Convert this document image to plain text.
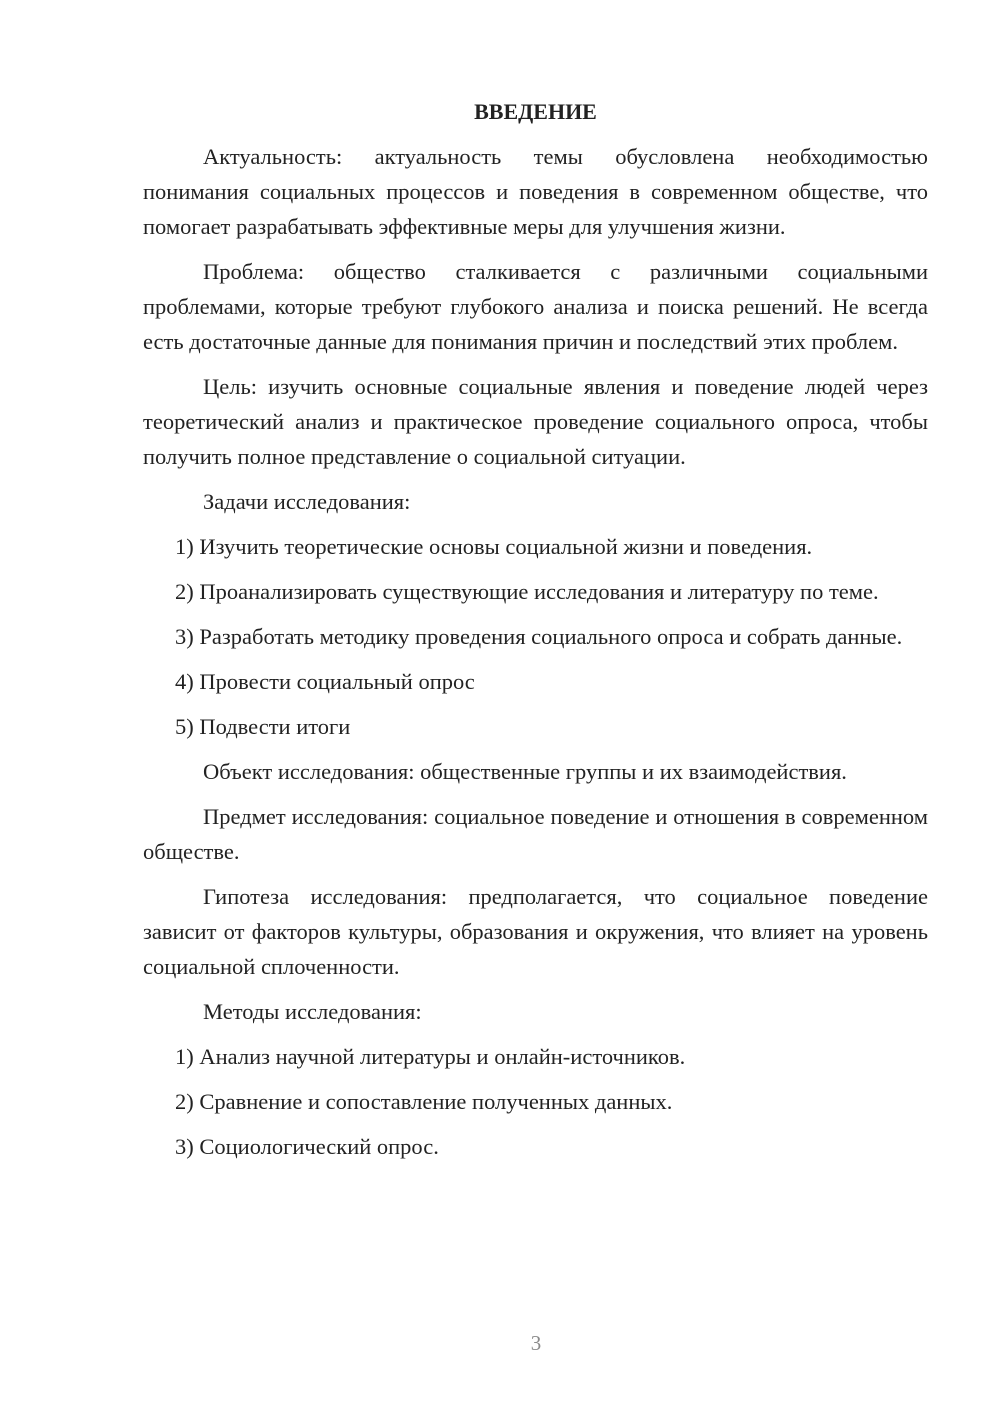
ВВЕДЕНИЕ

Актуальность: актуальность темы обусловлена необходимостью понимания социальных процессов и поведения в современном обществе, что помогает разрабатывать эффективные меры для улучшения жизни.

Проблема: общество сталкивается с различными социальными проблемами, которые требуют глубокого анализа и поиска решений. Не всегда есть достаточные данные для понимания причин и последствий этих проблем.

Цель: изучить основные социальные явления и поведение людей через теоретический анализ и практическое проведение социального опроса, чтобы получить полное представление о социальной ситуации.

Задачи исследования:

1) Изучить теоретические основы социальной жизни и поведения.

2) Проанализировать существующие исследования и литературу по теме.

3) Разработать методику проведения социального опроса и собрать данные.

4) Провести социальный опрос

5) Подвести итоги

Объект исследования: общественные группы и их взаимодействия.

Предмет исследования: социальное поведение и отношения в современном обществе.

Гипотеза исследования: предполагается, что социальное поведение зависит от факторов культуры, образования и окружения, что влияет на уровень социальной сплоченности.

Методы исследования:

1) Анализ научной литературы и онлайн-источников.

2) Сравнение и сопоставление полученных данных.

3) Социологический опрос.

3
